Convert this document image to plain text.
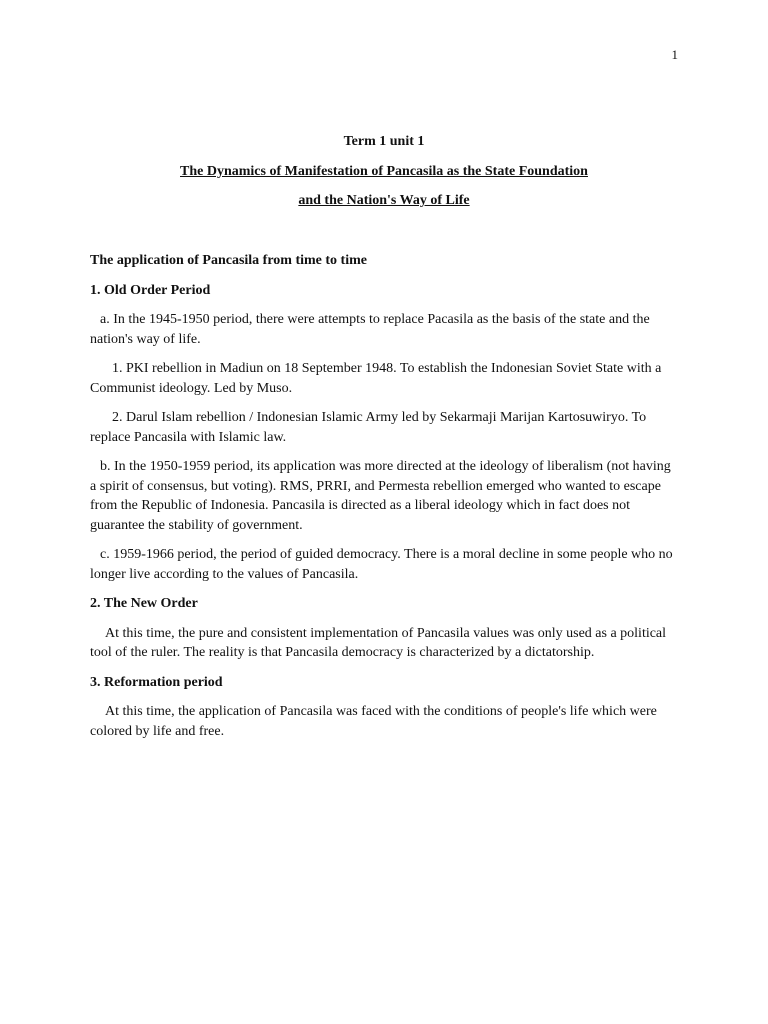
1
Term 1 unit 1
The Dynamics of Manifestation of Pancasila as the State Foundation
and the Nation's Way of Life

The application of Pancasila from time to time

1. Old Order Period

a. In the 1945-1950 period, there were attempts to replace Pacasila as the basis of the state and the nation's way of life.

1. PKI rebellion in Madiun on 18 September 1948. To establish the Indonesian Soviet State with a Communist ideology. Led by Muso.

2. Darul Islam rebellion / Indonesian Islamic Army led by Sekarmaji Marijan Kartosuwiryo. To replace Pancasila with Islamic law.

b. In the 1950-1959 period, its application was more directed at the ideology of liberalism (not having a spirit of consensus, but voting). RMS, PRRI, and Permesta rebellion emerged who wanted to escape from the Republic of Indonesia. Pancasila is directed as a liberal ideology which in fact does not guarantee the stability of government.

c. 1959-1966 period, the period of guided democracy. There is a moral decline in some people who no longer live according to the values of Pancasila.

2. The New Order

At this time, the pure and consistent implementation of Pancasila values was only used as a political tool of the ruler. The reality is that Pancasila democracy is characterized by a dictatorship.

3. Reformation period

At this time, the application of Pancasila was faced with the conditions of people's life which were colored by life and free.
